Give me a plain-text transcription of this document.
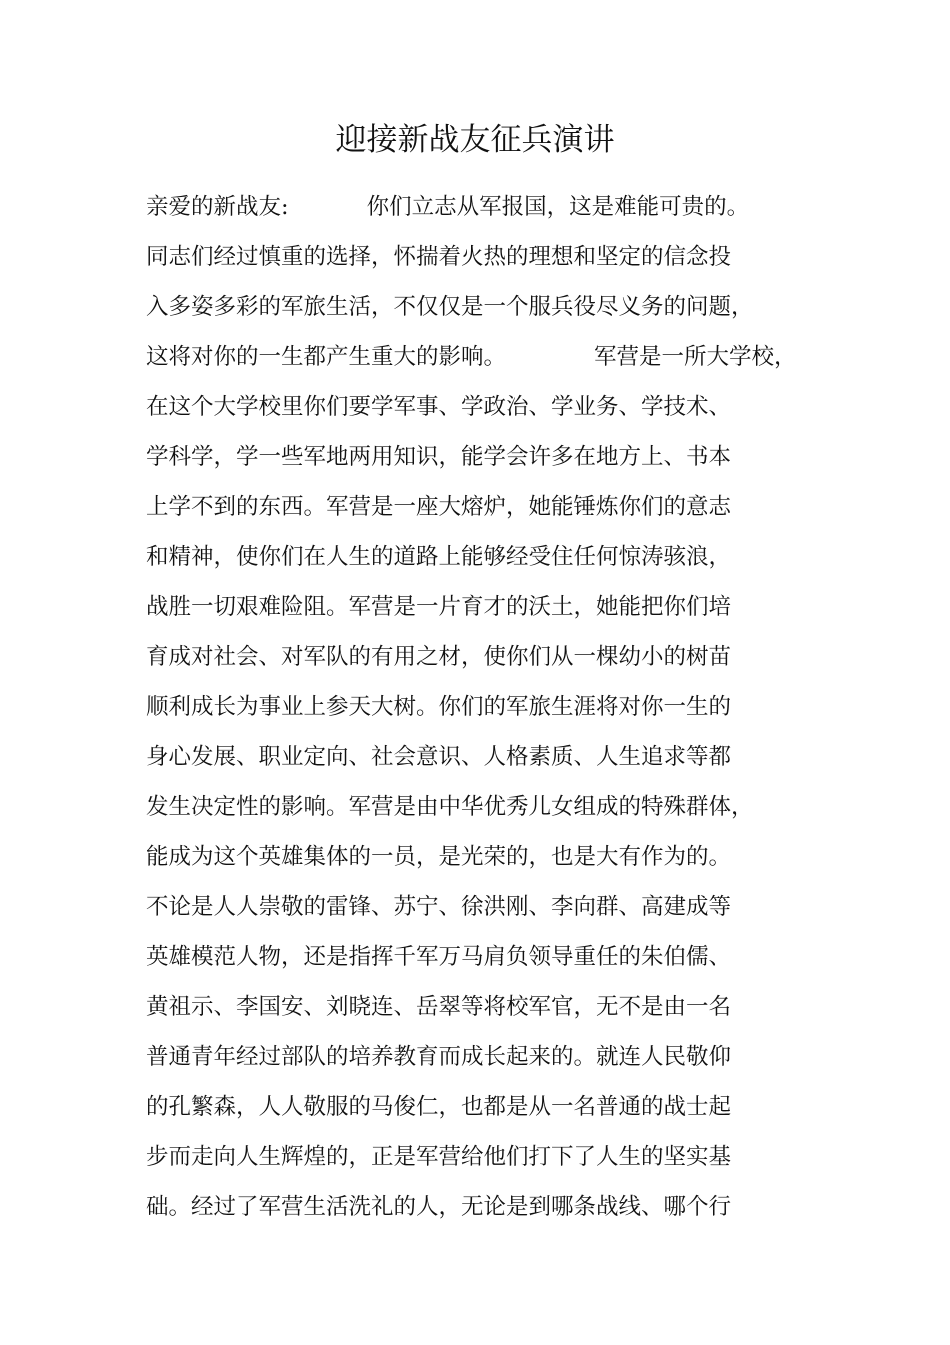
迎接新战友征兵演讲
亲爱的新战友:	你们立志从军报国，这是难能可贵的。
同志们经过慎重的选择，怀揣着火热的理想和坚定的信念投
入多姿多彩的军旅生活，不仅仅是一个服兵役尽义务的问题，
这将对你的一生都产生重大的影响。	军营是一所大学校，
在这个大学校里你们要学军事、学政治、学业务、学技术、
学科学，学一些军地两用知识，能学会许多在地方上、书本
上学不到的东西。军营是一座大熔炉，她能锤炼你们的意志
和精神，使你们在人生的道路上能够经受住任何惊涛骇浪，
战胜一切艰难险阻。军营是一片育才的沃土，她能把你们培
育成对社会、对军队的有用之材，使你们从一棵幼小的树苗
顺利成长为事业上参天大树。你们的军旅生涯将对你一生的
身心发展、职业定向、社会意识、人格素质、人生追求等都
发生决定性的影响。军营是由中华优秀儿女组成的特殊群体，
能成为这个英雄集体的一员，是光荣的，也是大有作为的。
不论是人人崇敬的雷锋、苏宁、徐洪刚、李向群、高建成等
英雄模范人物，还是指挥千军万马肩负领导重任的朱伯儒、
黄祖示、李国安、刘晓连、岳翠等将校军官，无不是由一名
普通青年经过部队的培养教育而成长起来的。就连人民敬仰
的孔繁森，人人敬服的马俊仁，也都是从一名普通的战士起
步而走向人生辉煌的，正是军营给他们打下了人生的坚实基
础。经过了军营生活洗礼的人，无论是到哪条战线、哪个行
